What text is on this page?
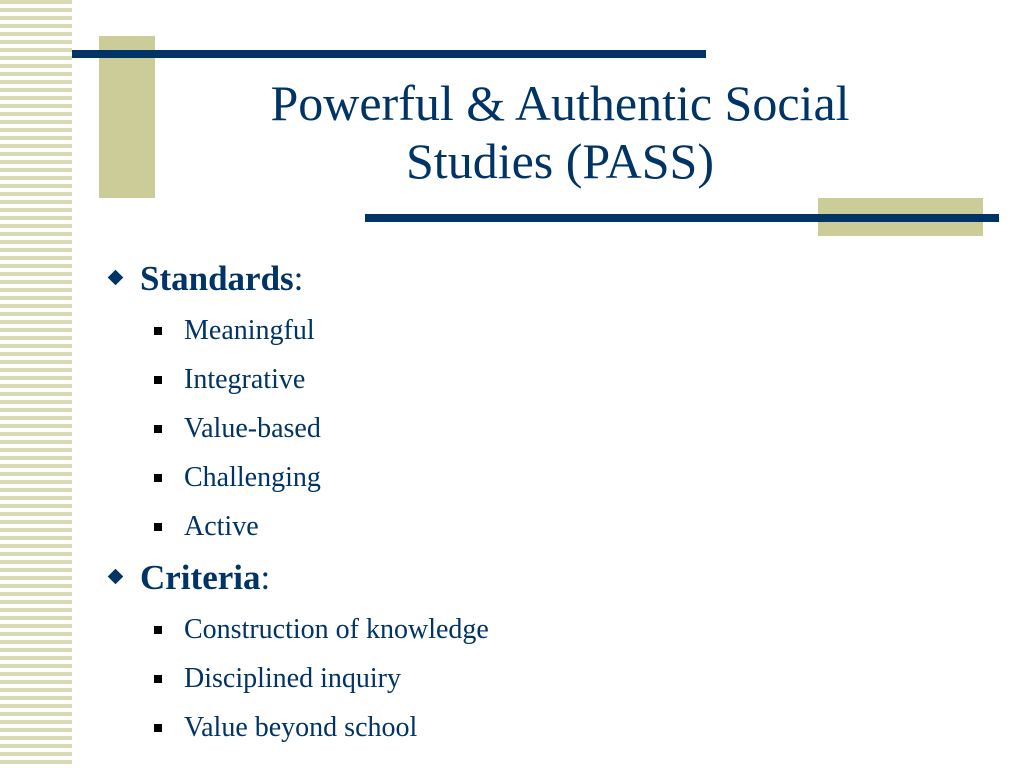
Powerful & Authentic Social
Studies (PASS)
Standards:
Meaningful
Integrative
Value-based
Challenging
Active
Criteria:
Construction of knowledge
Disciplined inquiry
Value beyond school
